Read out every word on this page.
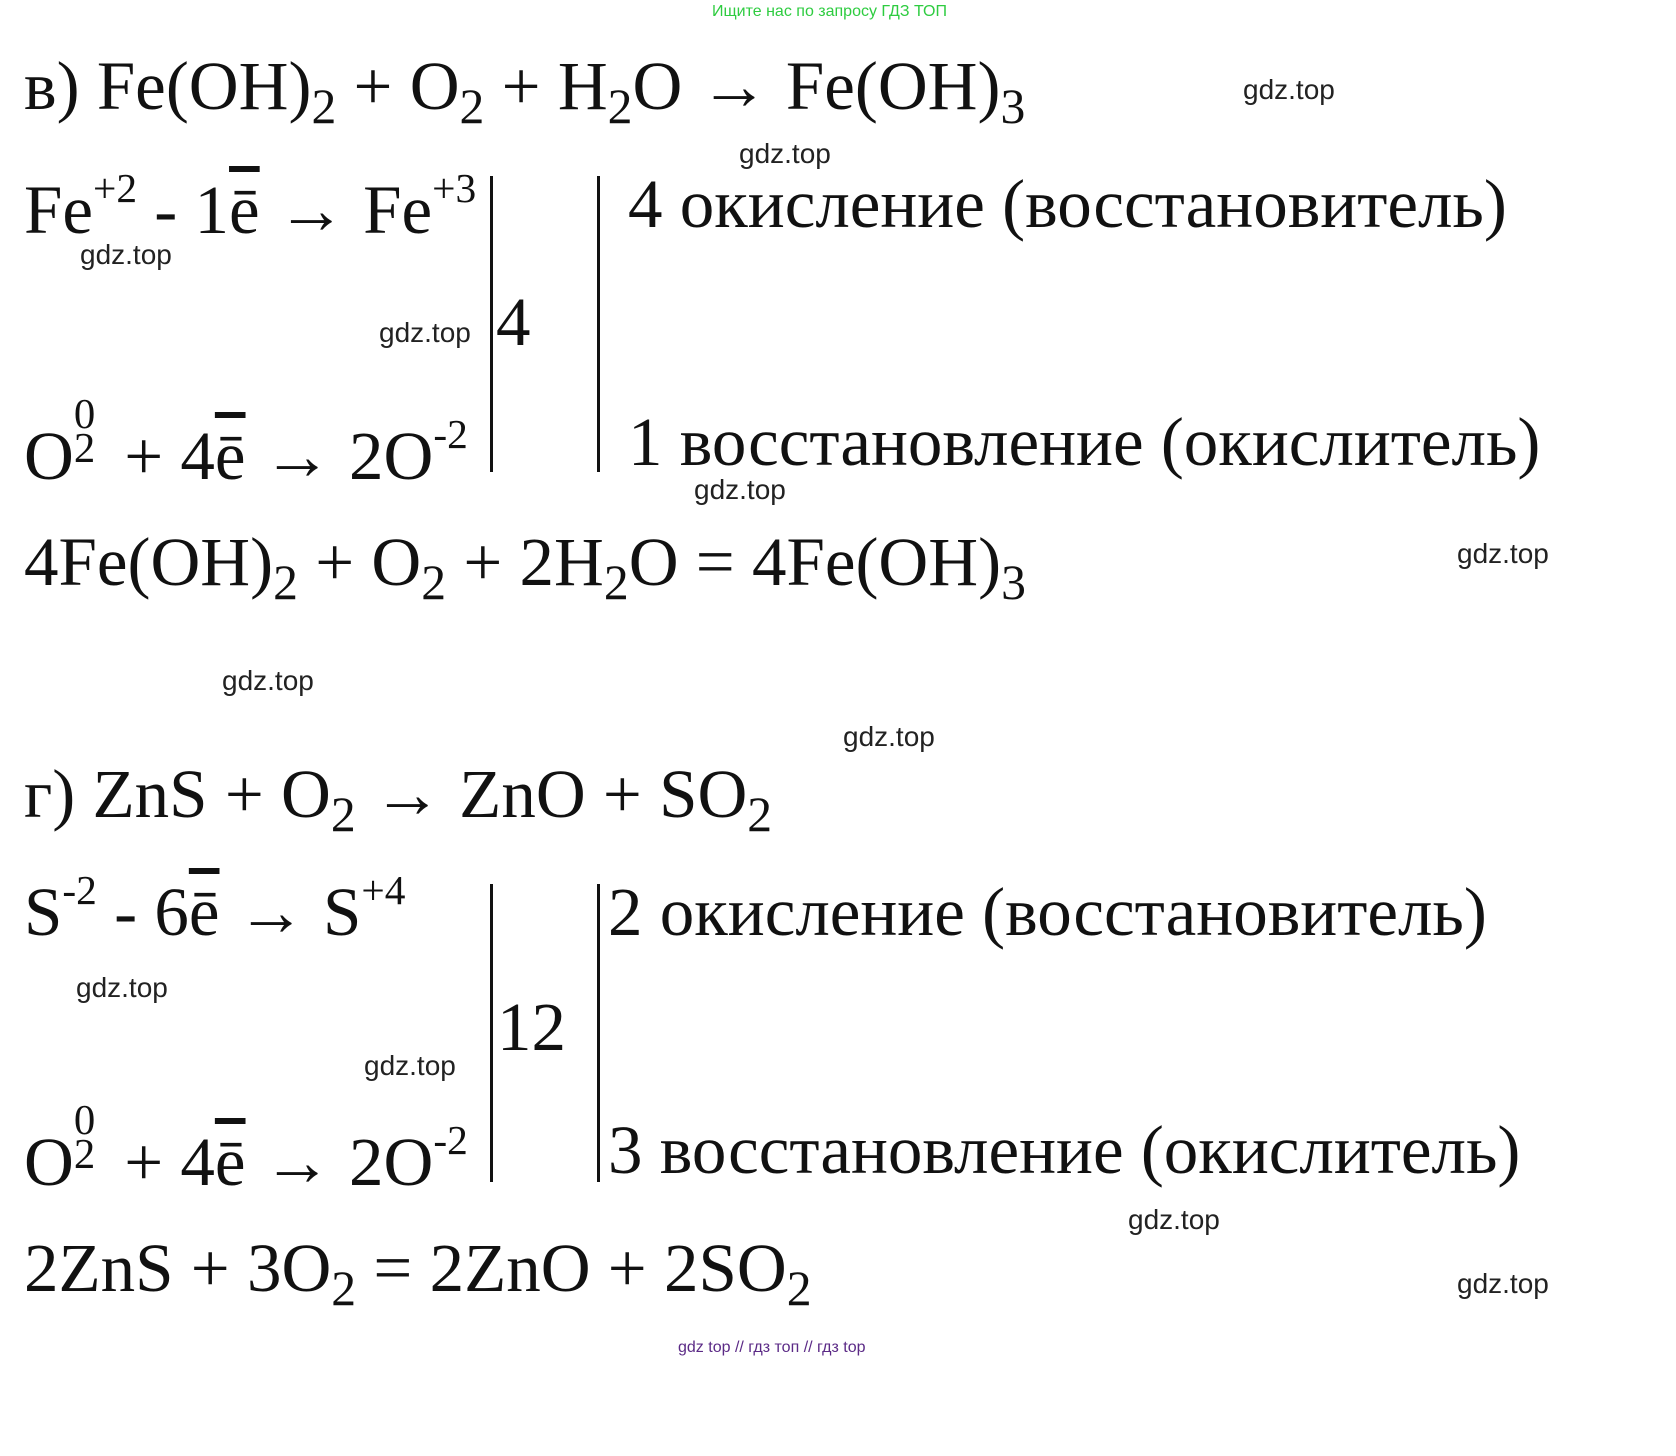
Ищите нас по запросу ГДЗ ТОП
в) $Fe(OH)_2 + O_2 + H_2O \to Fe(OH)_3$
$Fe^{+2} - 1\overline{ē} \to Fe^{+3}$ 4 окисление (восстановитель)
4
O
0
$2 + 4\overline{ē} \to 2O^{-2}$ 1 восстановление (окислитель)
$4Fe(OH)_2 + O_2 + 2H_2O = 4Fe(OH)_3$
г) ZnS + $O_2$ → ZnO + $SO_2$
$S^{-2} - 6\overline{ē} \to S^{+4}$	2 окисление (восстановитель)
12
O
0
$2 + 4\overline{ē} \to 2O^{-2}$ 3 восстановление (окислитель)
$2ZnS + 3O_2 = 2ZnO + 2SO_2$
gdz.top
gdz.top
gdz.top
gdz.top
gdz.top
gdz.top
gdz.top
gdz.top
gdz.top
gdz.top
gdz.top
gdz.top
gdz top // гдз топ // гдз top
